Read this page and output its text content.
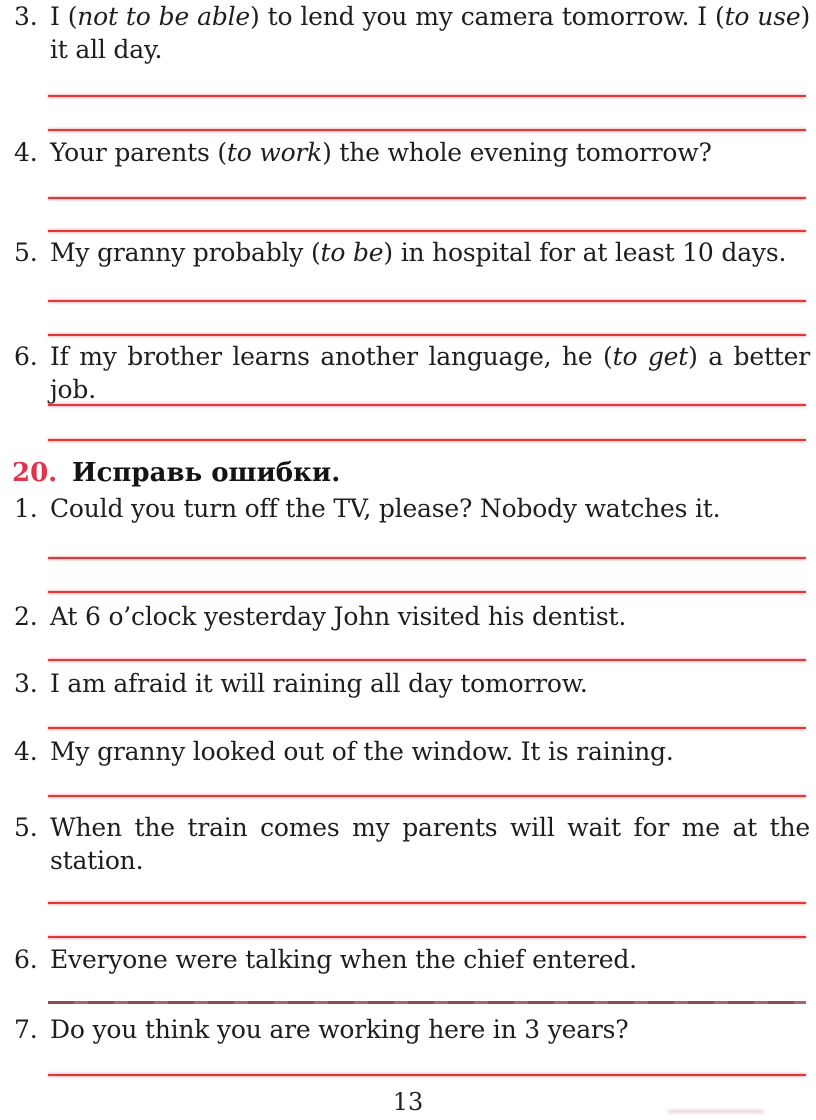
3. I (not to be able) to lend you my camera tomorrow. I (to use) it all day.
4. Your parents (to work) the whole evening tomorrow?
5. My granny probably (to be) in hospital for at least 10 days.
6. If my brother learns another language, he (to get) a better job.
20. Исправь ошибки.
1. Could you turn off the TV, please? Nobody watches it.
2. At 6 o’clock yesterday John visited his dentist.
3. I am afraid it will raining all day tomorrow.
4. My granny looked out of the window. It is raining.
5. When the train comes my parents will wait for me at the station.
6. Everyone were talking when the chief entered.
7. Do you think you are working here in 3 years?
13
